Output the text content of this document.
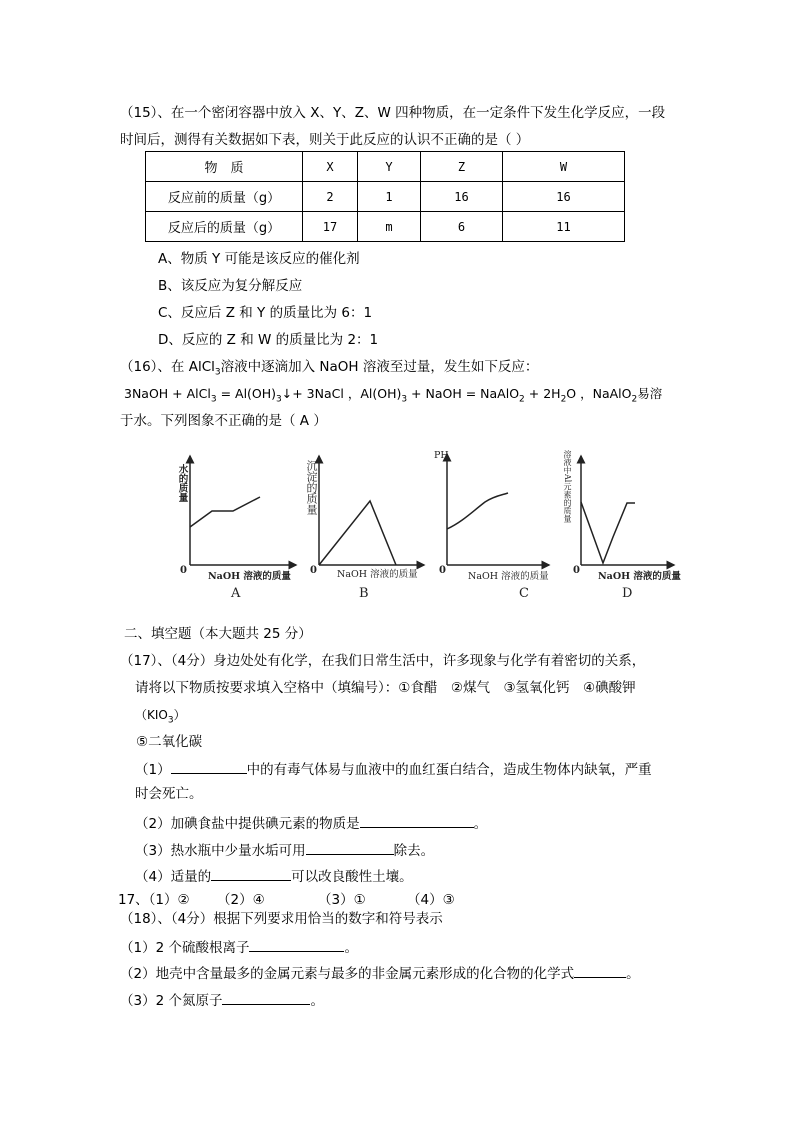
（15）、在一个密闭容器中放入 X、Y、Z、W 四种物质，在一定条件下发生化学反应，一段
时间后，测得有关数据如下表，则关于此反应的认识不正确的是（ ）
物　质	X	Y	Z	W
反应前的质量（g）	2	1	16	16
反应后的质量（g）	17	m	6	11
A、物质 Y 可能是该反应的催化剂
B、该反应为复分解反应
C、反应后 Z 和 Y 的质量比为 6：1
D、反应的 Z 和 W 的质量比为 2：1
（16）、在 AlCl$_3$溶液中逐滴加入 NaOH 溶液至过量，发生如下反应：
3NaOH + AlCl$_3$ = $Al(OH)_3↓+$ 3NaCl ，$Al(OH)_3$ + NaOH = NaAlO$_2$ + $2H_2O$ ，NaAlO$_2$易溶
于水。下列图象不正确的是（ A ）
水的质量
0
NaOH 溶液的质量
A
沉淀的质量
0 NaOH 溶液的质量
B
PH
0
NaOH 溶液的质量
C
溶液中Al元素的质量
0
NaOH 溶液的质量
D
二、填空题（本大题共 25 分）
（17）、（4分）身边处处有化学，在我们日常生活中，许多现象与化学有着密切的关系，
请将以下物质按要求填入空格中（填编号）：①食醋　②煤气　③氢氧化钙　④碘酸钾
$(KIO_3)$
⑤二氧化碳
（1）	中的有毒气体易与血液中的血红蛋白结合，造成生物体内缺氧，严重
时会死亡。
（2）加碘食盐中提供碘元素的物质是	。
（3）热水瓶中少量水垢可用	除去。
（4）适量的	可以改良酸性土壤。
17、（1）② （2）④	（3）①	（4）③
（18）、（4分）根据下列要求用恰当的数字和符号表示
（1）2 个硫酸根离子	。
（2）地壳中含量最多的金属元素与最多的非金属元素形成的化合物的化学式	。
（3）2 个氮原子	。
